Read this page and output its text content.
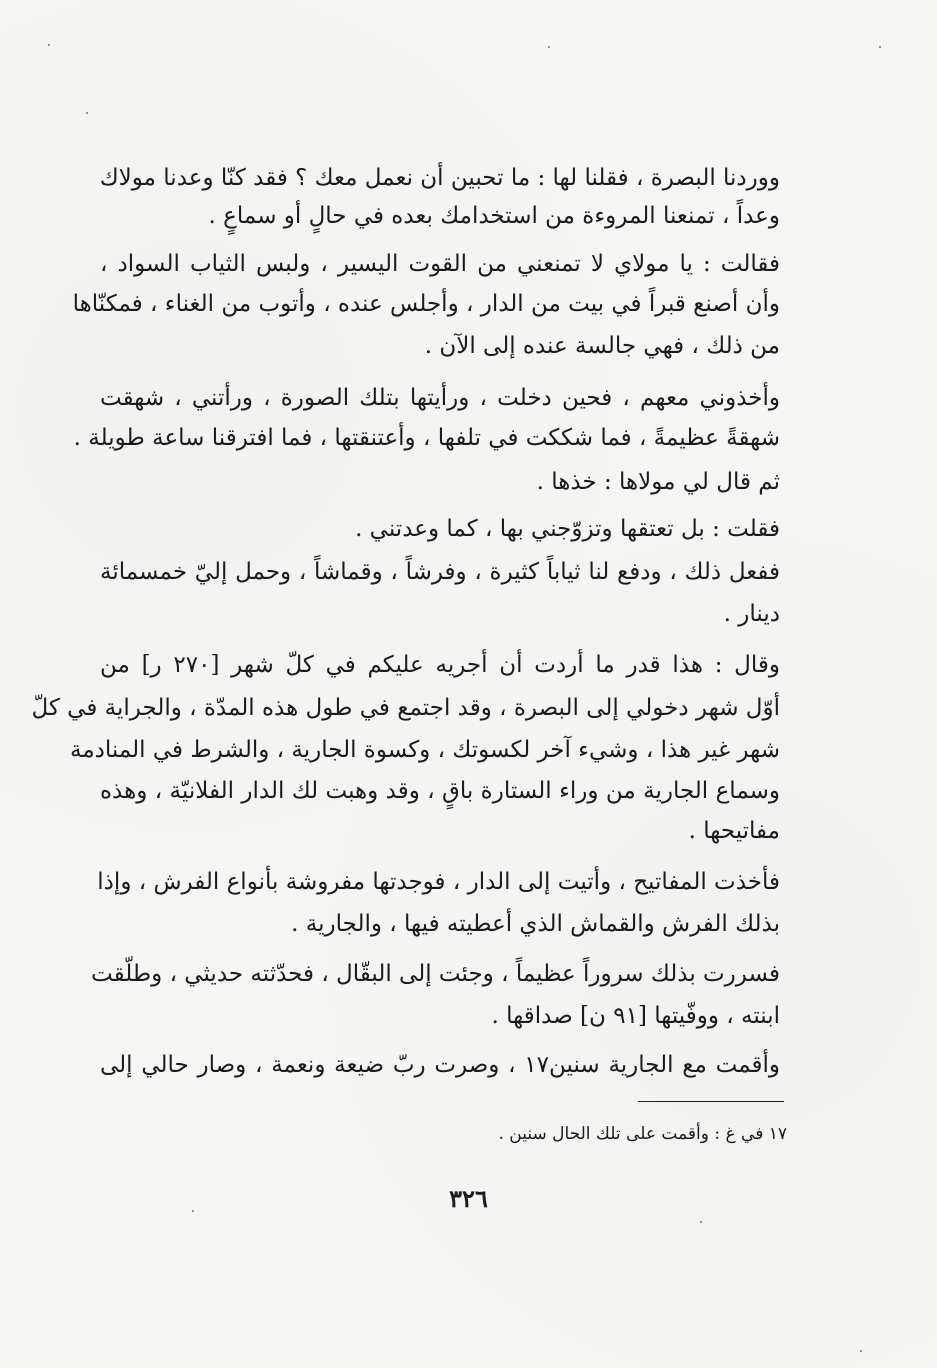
ووردنا البصرة ، فقلنا لها : ما تحبين أن نعمل معك ؟ فقد كنّا وعدنا مولاك
وعداً ، تمنعنا المروءة من استخدامك بعده في حالٍ أو سماعٍ .
فقالت : يا مولاي لا تمنعني من القوت اليسير ، ولبس الثياب السواد ،
وأن أصنع قبراً في بيت من الدار ، وأجلس عنده ، وأتوب من الغناء ، فمكنّاها
من ذلك ، فهي جالسة عنده إلى الآن .
وأخذوني معهم ، فحين دخلت ، ورأيتها بتلك الصورة ، ورأتني ، شهقت
شهقةً عظيمةً ، فما شككت في تلفها ، وأعتنقتها ، فما افترقنا ساعة طويلة .
ثم قال لي مولاها : خذها .
فقلت : بل تعتقها وتزوّجني بها ، كما وعدتني .
ففعل ذلك ، ودفع لنا ثياباً كثيرة ، وفرشاً ، وقماشاً ، وحمل إليّ خمسمائة
دينار .
وقال : هذا قدر ما أردت أن أجريه عليكم في كلّ شهر [٢٧٠ ر] من
أوّل شهر دخولي إلى البصرة ، وقد اجتمع في طول هذه المدّة ، والجراية في كلّ
شهر غير هذا ، وشيء آخر لكسوتك ، وكسوة الجارية ، والشرط في المنادمة
وسماع الجارية من وراء الستارة باقٍ ، وقد وهبت لك الدار الفلانيّة ، وهذه
مفاتيحها .
فأخذت المفاتيح ، وأتيت إلى الدار ، فوجدتها مفروشة بأنواع الفرش ، وإذا
بذلك الفرش والقماش الذي أعطيته فيها ، والجارية .
فسررت بذلك سروراً عظيماً ، وجئت إلى البقّال ، فحدّثته حديثي ، وطلّقت
ابنته ، ووفّيتها [٩١ ن] صداقها .
وأقمت مع الجارية سنين١٧ ، وصرت ربّ ضيعة ونعمة ، وصار حالي إلى
١٧ في غ : وأقمت على تلك الحال سنين .
٣٢٦
